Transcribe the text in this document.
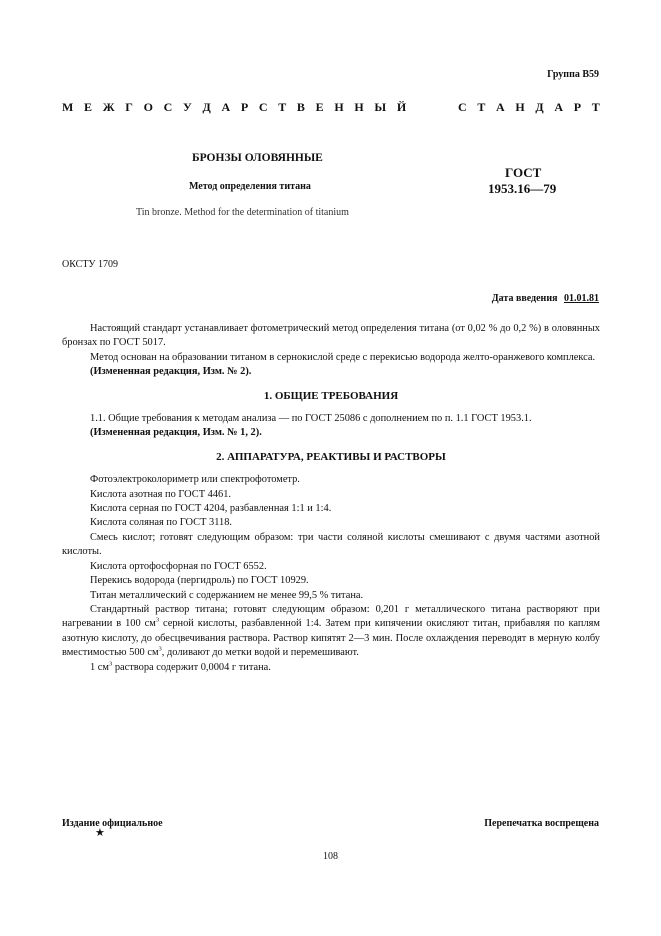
Группа В59
М Е Ж Г О С У Д А Р С Т В Е Н Н Ы Й

	С Т А Н Д А Р Т
БРОНЗЫ ОЛОВЯННЫЕ
Метод определения титана
Tin bronze. Method for the determination of titanium
ГОСТ
1953.16—79
ОКСТУ 1709
Дата введения 01.01.81

Настоящий стандарт устанавливает фотометрический метод определения титана (от 0,02 % до 0,2 %) в оловянных бронзах по ГОСТ 5017.

Метод основан на образовании титаном в сернокислой среде с перекисью водорода желто-оранжевого комплекса.

(Измененная редакция, Изм. № 2).

1. ОБЩИЕ ТРЕБОВАНИЯ

1.1. Общие требования к методам анализа — по ГОСТ 25086 с дополнением по п. 1.1 ГОСТ 1953.1.

(Измененная редакция, Изм. № 1, 2).

2. АППАРАТУРА, РЕАКТИВЫ И РАСТВОРЫ

Фотоэлектроколориметр или спектрофотометр.

Кислота азотная по ГОСТ 4461.

Кислота серная по ГОСТ 4204, разбавленная 1:1 и 1:4.

Кислота соляная по ГОСТ 3118.

Смесь кислот; готовят следующим образом: три части соляной кислоты смешивают с двумя частями азотной кислоты.

Кислота ортофосфорная по ГОСТ 6552.

Перекись водорода (пергидроль) по ГОСТ 10929.

Титан металлический с содержанием не менее 99,5 % титана.

Стандартный раствор титана; готовят следующим образом: 0,201 г металлического титана растворяют при нагревании в 100 $см^3$ серной кислоты, разбавленной 1:4. Затем при кипячении окисляют титан, прибавляя по каплям азотную кислоту, до обесцвечивания раствора. Раствор кипятят 2—3 мин. После охлаждения переводят в мерную колбу вместимостью 500 $см^3$, доливают до метки водой и перемешивают.

1 $см^3$ раствора содержит 0,0004 г титана.

Издание официальное
★
Перепечатка воспрещена
108
